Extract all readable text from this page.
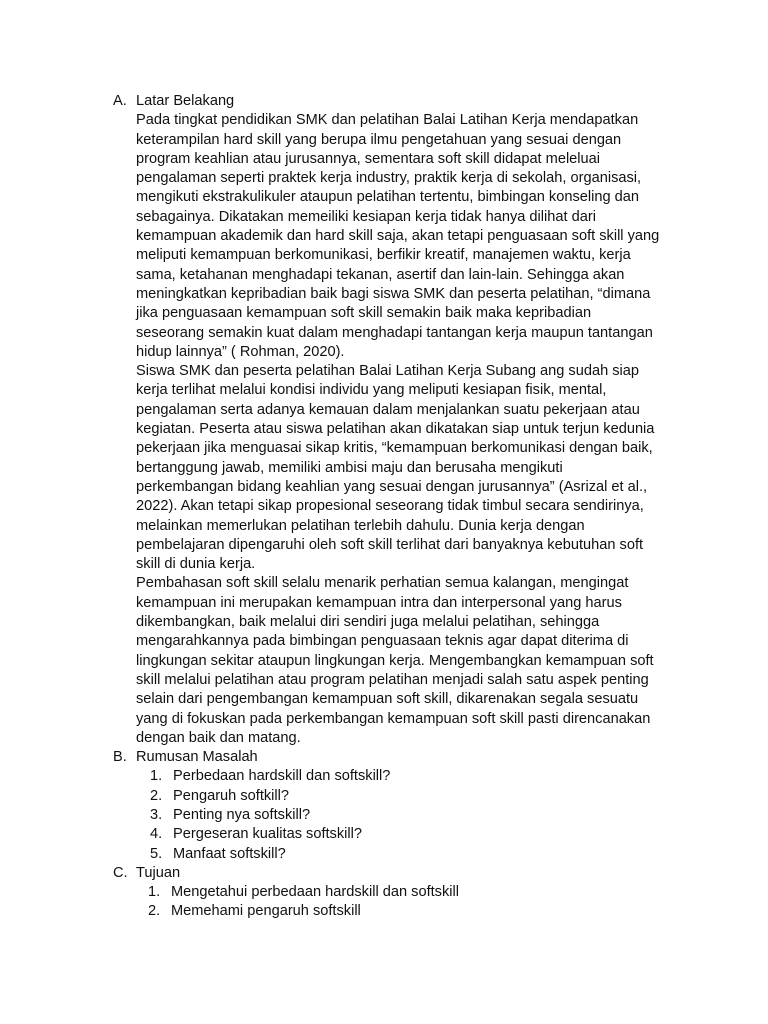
A. Latar Belakang
Pada tingkat pendidikan SMK dan pelatihan Balai Latihan Kerja mendapatkan
keterampilan hard skill yang berupa ilmu pengetahuan yang sesuai dengan
program keahlian atau jurusannya, sementara soft skill didapat meleluai
pengalaman seperti praktek kerja industry, praktik kerja di sekolah, organisasi,
mengikuti ekstrakulikuler ataupun pelatihan tertentu, bimbingan konseling dan
sebagainya. Dikatakan memeiliki kesiapan kerja tidak hanya dilihat dari
kemampuan akademik dan hard skill saja, akan tetapi penguasaan soft skill yang
meliputi kemampuan berkomunikasi, berfikir kreatif, manajemen waktu, kerja
sama, ketahanan menghadapi tekanan, asertif dan lain-lain. Sehingga akan
meningkatkan kepribadian baik bagi siswa SMK dan peserta pelatihan, “dimana
jika penguasaan kemampuan soft skill semakin baik maka kepribadian
seseorang semakin kuat dalam menghadapi tantangan kerja maupun tantangan
hidup lainnya” ( Rohman, 2020).
Siswa SMK dan peserta pelatihan Balai Latihan Kerja Subang ang sudah siap
kerja terlihat melalui kondisi individu yang meliputi kesiapan fisik, mental,
pengalaman serta adanya kemauan dalam menjalankan suatu pekerjaan atau
kegiatan. Peserta atau siswa pelatihan akan dikatakan siap untuk terjun kedunia
pekerjaan jika menguasai sikap kritis, “kemampuan berkomunikasi dengan baik,
bertanggung jawab, memiliki ambisi maju dan berusaha mengikuti
perkembangan bidang keahlian yang sesuai dengan jurusannya” (Asrizal et al.,
2022). Akan tetapi sikap propesional seseorang tidak timbul secara sendirinya,
melainkan memerlukan pelatihan terlebih dahulu. Dunia kerja dengan
pembelajaran dipengaruhi oleh soft skill terlihat dari banyaknya kebutuhan soft
skill di dunia kerja.
Pembahasan soft skill selalu menarik perhatian semua kalangan, mengingat
kemampuan ini merupakan kemampuan intra dan interpersonal yang harus
dikembangkan, baik melalui diri sendiri juga melalui pelatihan, sehingga
mengarahkannya pada bimbingan penguasaan teknis agar dapat diterima di
lingkungan sekitar ataupun lingkungan kerja. Mengembangkan kemampuan soft
skill melalui pelatihan atau program pelatihan menjadi salah satu aspek penting
selain dari pengembangan kemampuan soft skill, dikarenakan segala sesuatu
yang di fokuskan pada perkembangan kemampuan soft skill pasti direncanakan
dengan baik dan matang.
B. Rumusan Masalah
1. Perbedaan hardskill dan softskill?
2. Pengaruh softkill?
3. Penting nya softskill?
4. Pergeseran kualitas softskill?
5. Manfaat softskill?
C. Tujuan
1. Mengetahui perbedaan hardskill dan softskill
2. Memehami pengaruh softskill
